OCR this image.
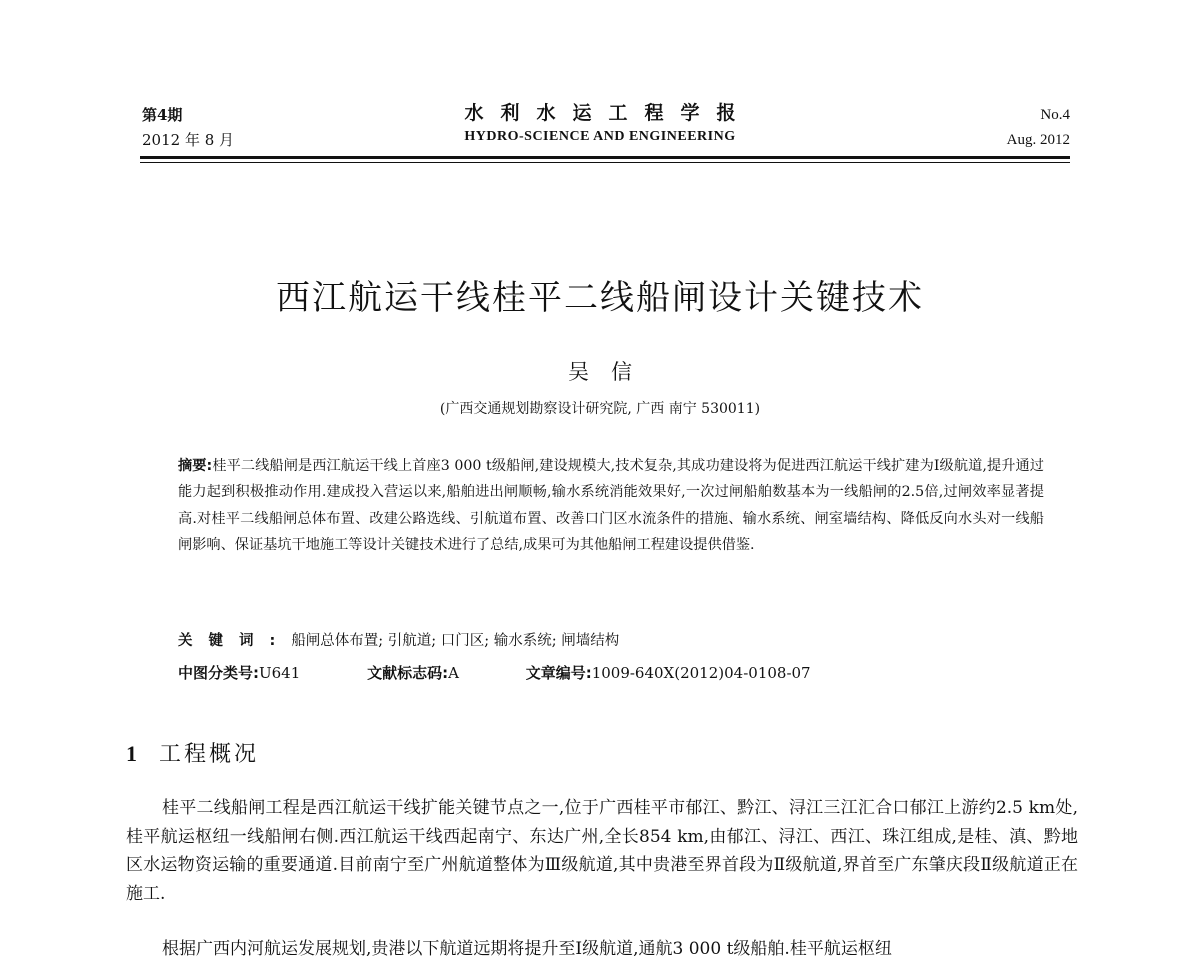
第4期
2012 年 8 月
水利水运工程学报
HYDRO-SCIENCE AND ENGINEERING
No.4
Aug. 2012
西江航运干线桂平二线船闸设计关键技术
吴信
(广西交通规划勘察设计研究院, 广西 南宁 530011)
摘要:桂平二线船闸是西江航运干线上首座3 000 t级船闸,建设规模大,技术复杂,其成功建设将为促进西江航运干线扩建为Ⅰ级航道,提升通过能力起到积极推动作用.建成投入营运以来,船舶进出闸顺畅,输水系统消能效果好,一次过闸船舶数基本为一线船闸的2.5倍,过闸效率显著提高.对桂平二线船闸总体布置、改建公路选线、引航道布置、改善口门区水流条件的措施、输水系统、闸室墙结构、降低反向水头对一线船闸影响、保证基坑干地施工等设计关键技术进行了总结,成果可为其他船闸工程建设提供借鉴.
关键词:船闸总体布置; 引航道; 口门区; 输水系统; 闸墙结构
中图分类号:U641	文献标志码:A	文章编号:1009-640X(2012)04-0108-07
1 工程概况
桂平二线船闸工程是西江航运干线扩能关键节点之一,位于广西桂平市郁江、黔江、浔江三江汇合口郁江上游约2.5 km处,桂平航运枢纽一线船闸右侧.西江航运干线西起南宁、东达广州,全长854 km,由郁江、浔江、西江、珠江组成,是桂、滇、黔地区水运物资运输的重要通道.目前南宁至广州航道整体为Ⅲ级航道,其中贵港至界首段为Ⅱ级航道,界首至广东肇庆段Ⅱ级航道正在施工.
根据广西内河航运发展规划,贵港以下航道远期将提升至Ⅰ级航道,通航3 000 t级船舶.桂平航运枢纽
